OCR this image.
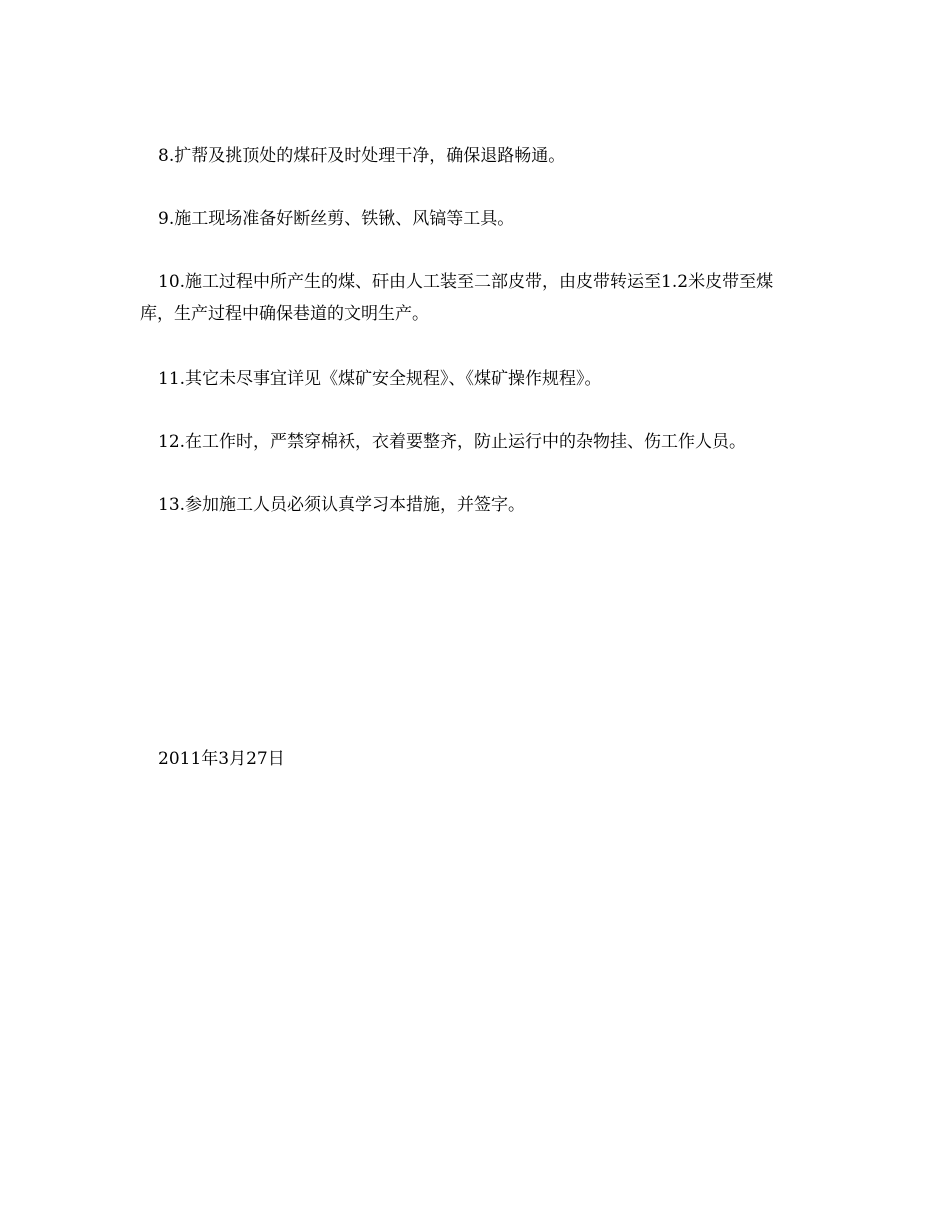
8.扩帮及挑顶处的煤矸及时处理干净，确保退路畅通。

9.施工现场准备好断丝剪、铁锹、风镐等工具。

10.施工过程中所产生的煤、矸由人工装至二部皮带，由皮带转运至1.2米皮带至煤库，生产过程中确保巷道的文明生产。

11.其它未尽事宜详见《煤矿安全规程》、《煤矿操作规程》。

12.在工作时，严禁穿棉袄，衣着要整齐，防止运行中的杂物挂、伤工作人员。

13.参加施工人员必须认真学习本措施，并签字。

2011年3月27日
